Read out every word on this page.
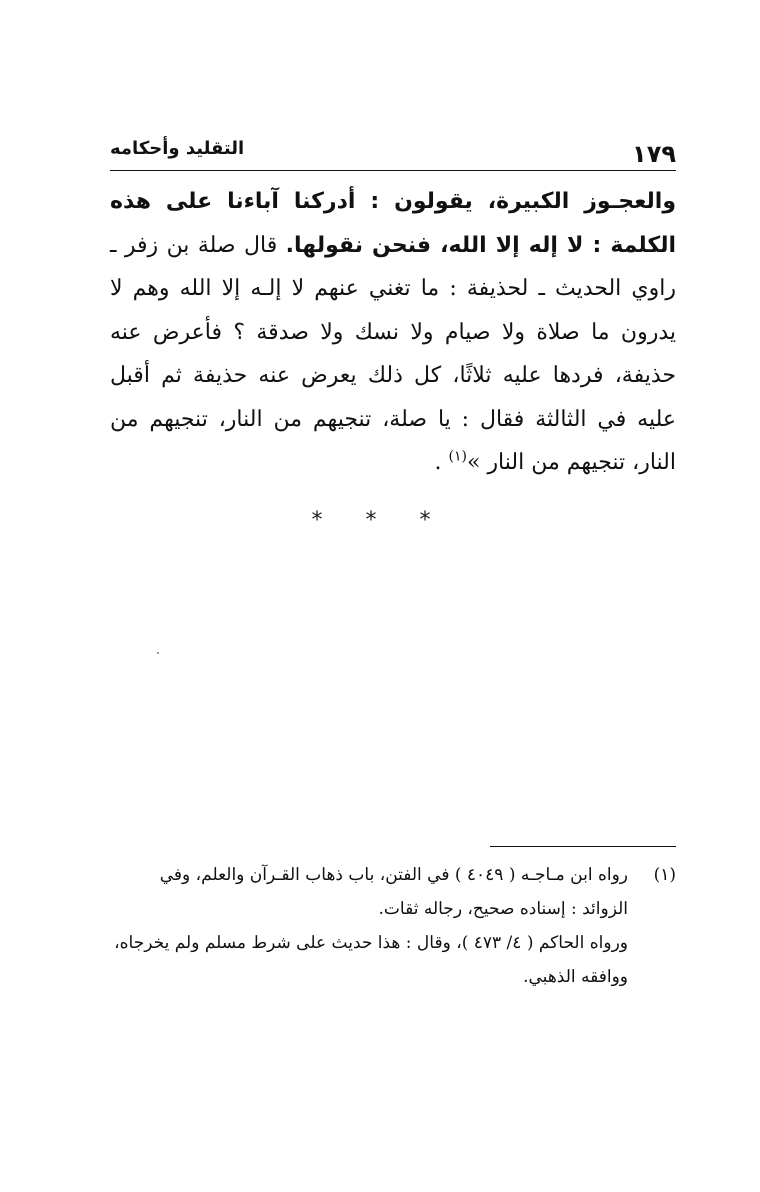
١٧٩
التقليد وأحكامه

والعجـوز الكبيرة، يقولون : أدركنا آباءنا على هذه الكلمة : لا إله إلا الله، فنحن نقولها. قال صلة بن زفر ـ راوي الحديث ـ لحذيفة : ما تغني عنهم لا إلـه إلا الله وهم لا يدرون ما صلاة ولا صيام ولا نسك ولا صدقة ؟ فأعرض عنه حذيفة، فردها عليه ثلاثًا، كل ذلك يعرض عنه حذيفة ثم أقبل عليه في الثالثة فقال : يا صلة، تنجيهم من النار، تنجيهم من النار، تنجيهم من النار »$^{(١)}$ .

* * *
(١)

رواه ابن مـاجـه ( ٤٠٤٩ ) في الفتن، باب ذهاب القـرآن والعلم، وفي الزوائد : إسناده صحيح، رجاله ثقات.

ورواه الحاكم ( ٤/ ٤٧٣ )، وقال : هذا حديث على شرط مسلم ولم يخرجاه، ووافقه الذهبي.
